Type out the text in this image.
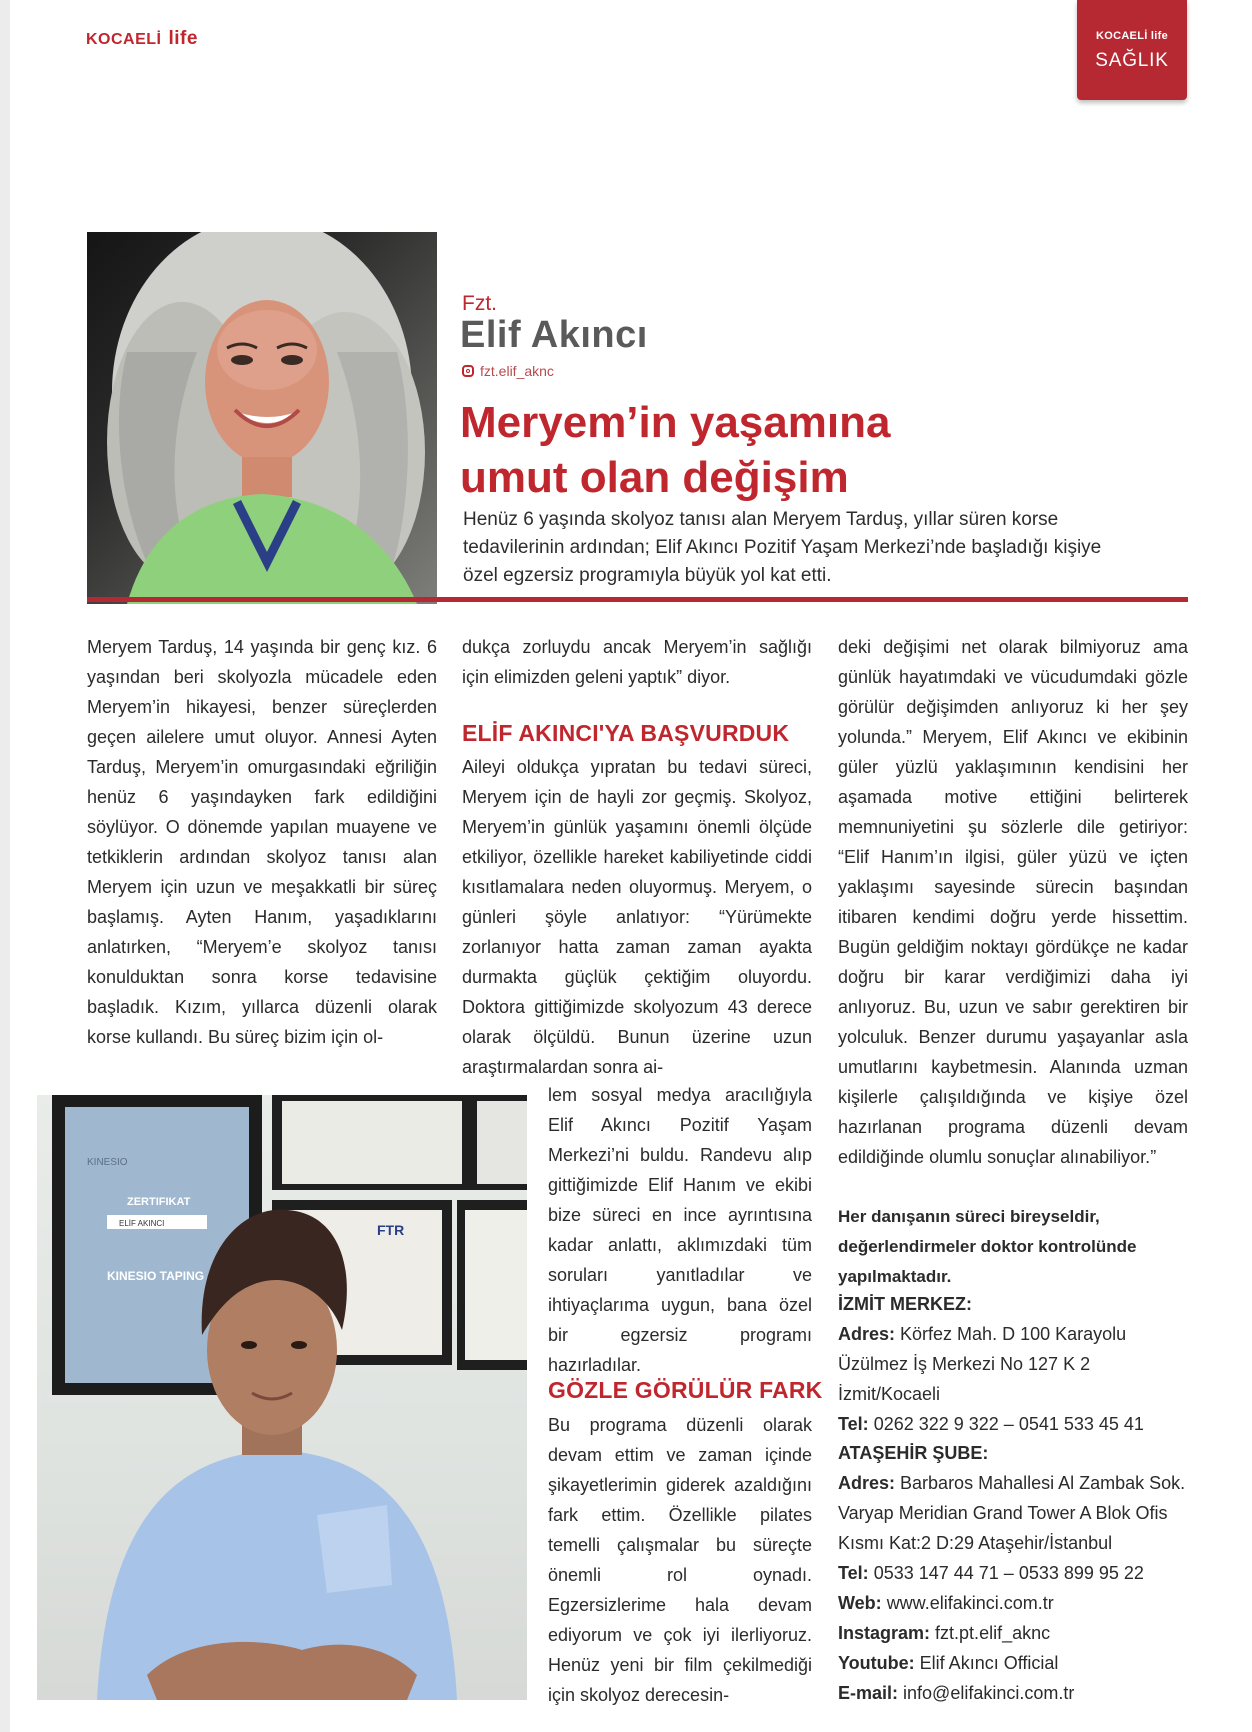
KOCAELİ life	KOCAELİ life
SAĞLIK
Fzt.
Elif Akıncı
fzt.elif_aknc
Meryem’in yaşamına
umut olan değişim

Henüz 6 yaşında skolyoz tanısı alan Meryem Tarduş, yıllar süren korse tedavilerinin ardından; Elif Akıncı Pozitif Yaşam Merkezi’nde başladığı kişiye özel egzersiz programıyla büyük yol kat etti.

Meryem Tarduş, 14 yaşında bir genç kız. 6 yaşından beri skolyozla mücadele eden Meryem’in hikayesi, benzer süreçlerden geçen ailelere umut oluyor. Annesi Ayten Tarduş, Meryem’in omurgasındaki eğriliğin henüz 6 yaşındayken fark edildiğini söylüyor. O dönemde yapılan muayene ve tetkiklerin ardından skolyoz tanısı alan Meryem için uzun ve meşakkatli bir süreç başlamış. Ayten Hanım, yaşadıklarını anlatırken, “Meryem’e skolyoz tanısı konulduktan sonra korse tedavisine başladık. Kızım, yıllarca düzenli olarak korse kullandı. Bu süreç bizim için ol-

dukça zorluydu ancak Meryem’in sağlığı için elimizden geleni yaptık” diyor.

ELİF AKINCI'YA BAŞVURDUK

Aileyi oldukça yıpratan bu tedavi süreci, Meryem için de hayli zor geçmiş. Skolyoz, Meryem’in günlük yaşamını önemli ölçüde etkiliyor, özellikle hareket kabiliyetinde ciddi kısıtlamalara neden oluyormuş. Meryem, o günleri şöyle anlatıyor: “Yürümekte zorlanıyor hatta zaman zaman ayakta durmakta güçlük çektiğim oluyordu. Doktora gittiğimizde skolyozum 43 derece olarak ölçüldü. Bunun üzerine uzun araştırmalardan sonra ai-

lem sosyal medya aracılığıyla Elif Akıncı Pozitif Yaşam Merkezi’ni buldu. Randevu alıp gittiğimizde Elif Hanım ve ekibi bize süreci en ince ayrıntısına kadar anlattı, aklımızdaki tüm soruları yanıtladılar ve ihtiyaçlarıma uygun, bana özel bir egzersiz programı hazırladılar.

GÖZLE GÖRÜLÜR FARK

Bu programa düzenli olarak devam ettim ve zaman içinde şikayetlerimin giderek azaldığını fark ettim. Özellikle pilates temelli çalışmalar bu süreçte önemli rol oynadı. Egzersizlerime hala devam ediyorum ve çok iyi ilerliyoruz. Henüz yeni bir film çekilmediği için skolyoz derecesin-

deki değişimi net olarak bilmiyoruz ama günlük hayatımdaki ve vücudumdaki gözle görülür değişimden anlıyoruz ki her şey yolunda.” Meryem, Elif Akıncı ve ekibinin güler yüzlü yaklaşımının kendisini her aşamada motive ettiğini belirterek memnuniyetini şu sözlerle dile getiriyor: “Elif Hanım’ın ilgisi, güler yüzü ve içten yaklaşımı sayesinde sürecin başından itibaren kendimi doğru yerde hissettim. Bugün geldiğim noktayı gördükçe ne kadar doğru bir karar verdiğimizi daha iyi anlıyoruz. Bu, uzun ve sabır gerektiren bir yolculuk. Benzer durumu yaşayanlar asla umutlarını kaybetmesin. Alanında uzman kişilerle çalışıldığında ve kişiye özel hazırlanan programa düzenli devam edildiğinde olumlu sonuçlar alınabiliyor.”

Her danışanın süreci bireyseldir, değerlendirmeler doktor kontrolünde yapılmaktadır.

İZMİT MERKEZ:

Adres: Körfez Mah. D 100 Karayolu Üzülmez İş Merkezi No 127 K 2 İzmit/Kocaeli
Tel: 0262 322 9 322 – 0541 533 45 41

ATAŞEHİR ŞUBE:

Adres: Barbaros Mahallesi Al Zambak Sok. Varyap Meridian Grand Tower A Blok Ofis Kısmı Kat:2 D:29 Ataşehir/İstanbul
Tel: 0533 147 44 71 – 0533 899 95 22
Web: www.elifakinci.com.tr
Instagram: fzt.pt.elif_aknc
Youtube: Elif Akıncı Official
E-mail: info@elifakinci.com.tr
KINESIO
ZERTIFIKAT
ELİF AKINCI
KINESIO TAPING
FTR
